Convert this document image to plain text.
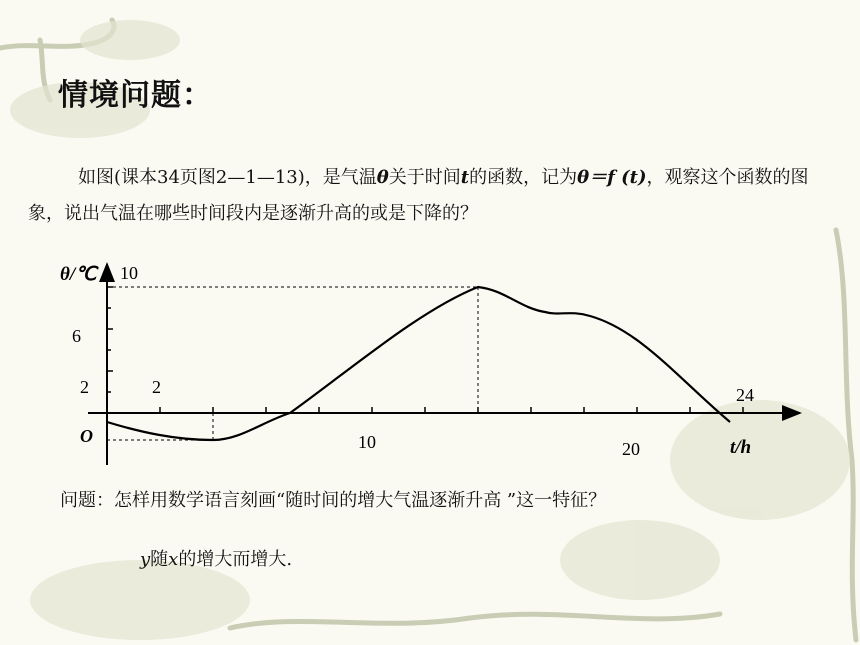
情境问题：
如图(课本34页图2—1—13)，是气温θ关于时间t的函数，记为θ＝f (t)，观察这个函数的图象，说出气温在哪些时间段内是逐渐升高的或是下降的？
θ/℃ 10
6
2	2	24
O	10	20	t/h
问题：怎样用数学语言刻画“随时间的增大气温逐渐升高 ”这一特征？
y随x的增大而增大.
